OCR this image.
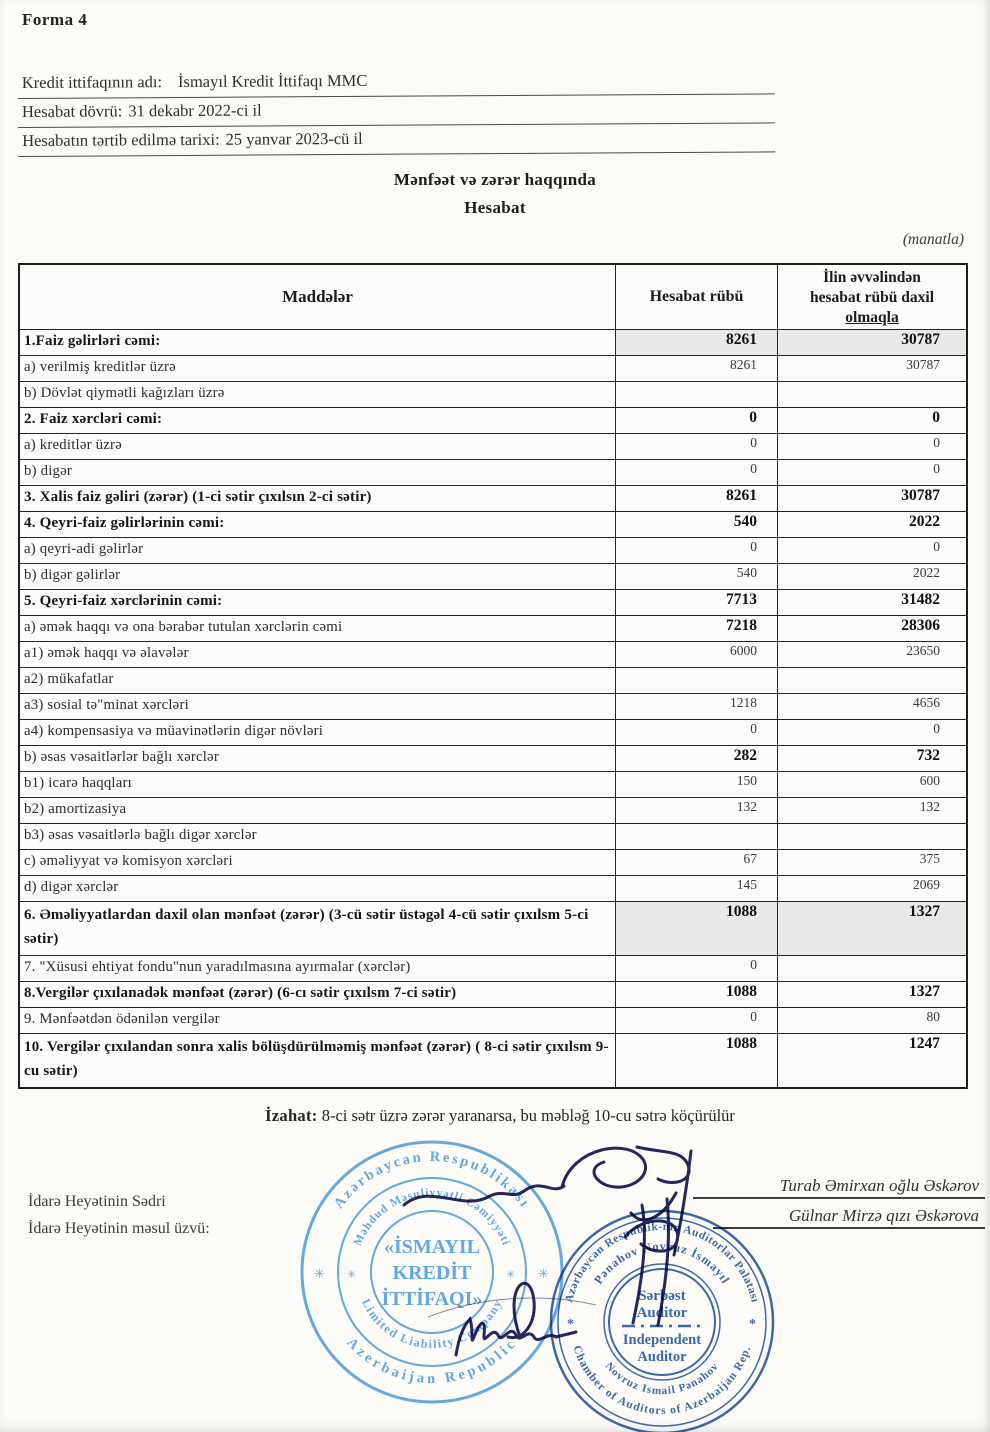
Forma 4
Kredit ittifaqının adı: İsmayıl Kredit İttifaqı MMC
Hesabat dövrü: 31 dekabr 2022-ci il
Hesabatın tərtib edilmə tarixi: 25 yanvar 2023-cü il
Mənfəət və zərər haqqında
Hesabat
(manatla)
Maddələr	Hesabat rübü
İlin əvvəlindən
hesabat rübü daxil
olmaqla
1.Faiz gəlirləri cəmi:	8261	30787
a) verilmiş kreditlər üzrə	8261	30787
b) Dövlət qiymətli kağızları üzrə
2. Faiz xərcləri cəmi:	0	0
a) kreditlər üzrə	0	0
b) digər	0	0
3. Xalis faiz gəliri (zərər) (1-ci sətir çıxılsın 2-ci sətir)	8261	30787
4. Qeyri-faiz gəlirlərinin cəmi:	540	2022
a) qeyri-adi gəlirlər	0	0
b) digər gəlirlər	540	2022
5. Qeyri-faiz xərclərinin cəmi:	7713	31482
a) əmək haqqı və ona bərabər tutulan xərclərin cəmi	7218	28306
a1) əmək haqqı və əlavələr	6000	23650
a2) mükafatlar
a3) sosial tə"minat xərcləri	1218	4656
a4) kompensasiya və müavinətlərin digər növləri	0	0
b) əsas vəsaitlərlər bağlı xərclər	282	732
b1) icarə haqqları	150	600
b2) amortizasiya	132	132
b3) əsas vəsaitlərlə bağlı digər xərclər
c) əməliyyat və komisyon xərcləri	67	375
d) digər xərclər	145	2069
6. Əməliyyatlardan daxil olan mənfəət (zərər) (3-cü sətir üstəgəl 4-cü sətir çıxılsm 5-ci sətir)
1088	1327
7. "Xüsusi ehtiyat fondu"nun yaradılmasına ayırmalar (xərclər)	0
8.Vergilər çıxılanadək mənfəət (zərər) (6-cı sətir çıxılsm 7-ci sətir)	1088	1327
9. Mənfəətdən ödənilən vergilər	0	80
10. Vergilər çıxılandan sonra xalis bölüşdürülməmiş mənfəət (zərər) ( 8-ci sətir çıxılsm 9-cu sətir)
1088	1247
İzahat: 8-ci sətr üzrə zərər yaranarsa, bu məbləğ 10-cu sətrə köçürülür
İdarə Heyətinin Sədri
İdarə Heyətinin məsul üzvü:
Turab Əmirxan oğlu Əskərov
Gülnar Mirzə qızı Əskərova
Azərbaycan Respublikası
Azerbaijan Republic
Məhdud Məsuliyyətli Cəmiyyəti
Limited Liability Company
«İSMAYIL
KREDİT
İTTİFAQI»
✳	✳
✳	✳
Azərbaycan Respublik-nın Auditorlar Palatası
Chamber of Auditors of Azerbaijan Rep.
Pənahov Novruz İsmayıl
Novruz Ismail Pənahov
Sərbəst
Auditor
Independent
Auditor
*	*
